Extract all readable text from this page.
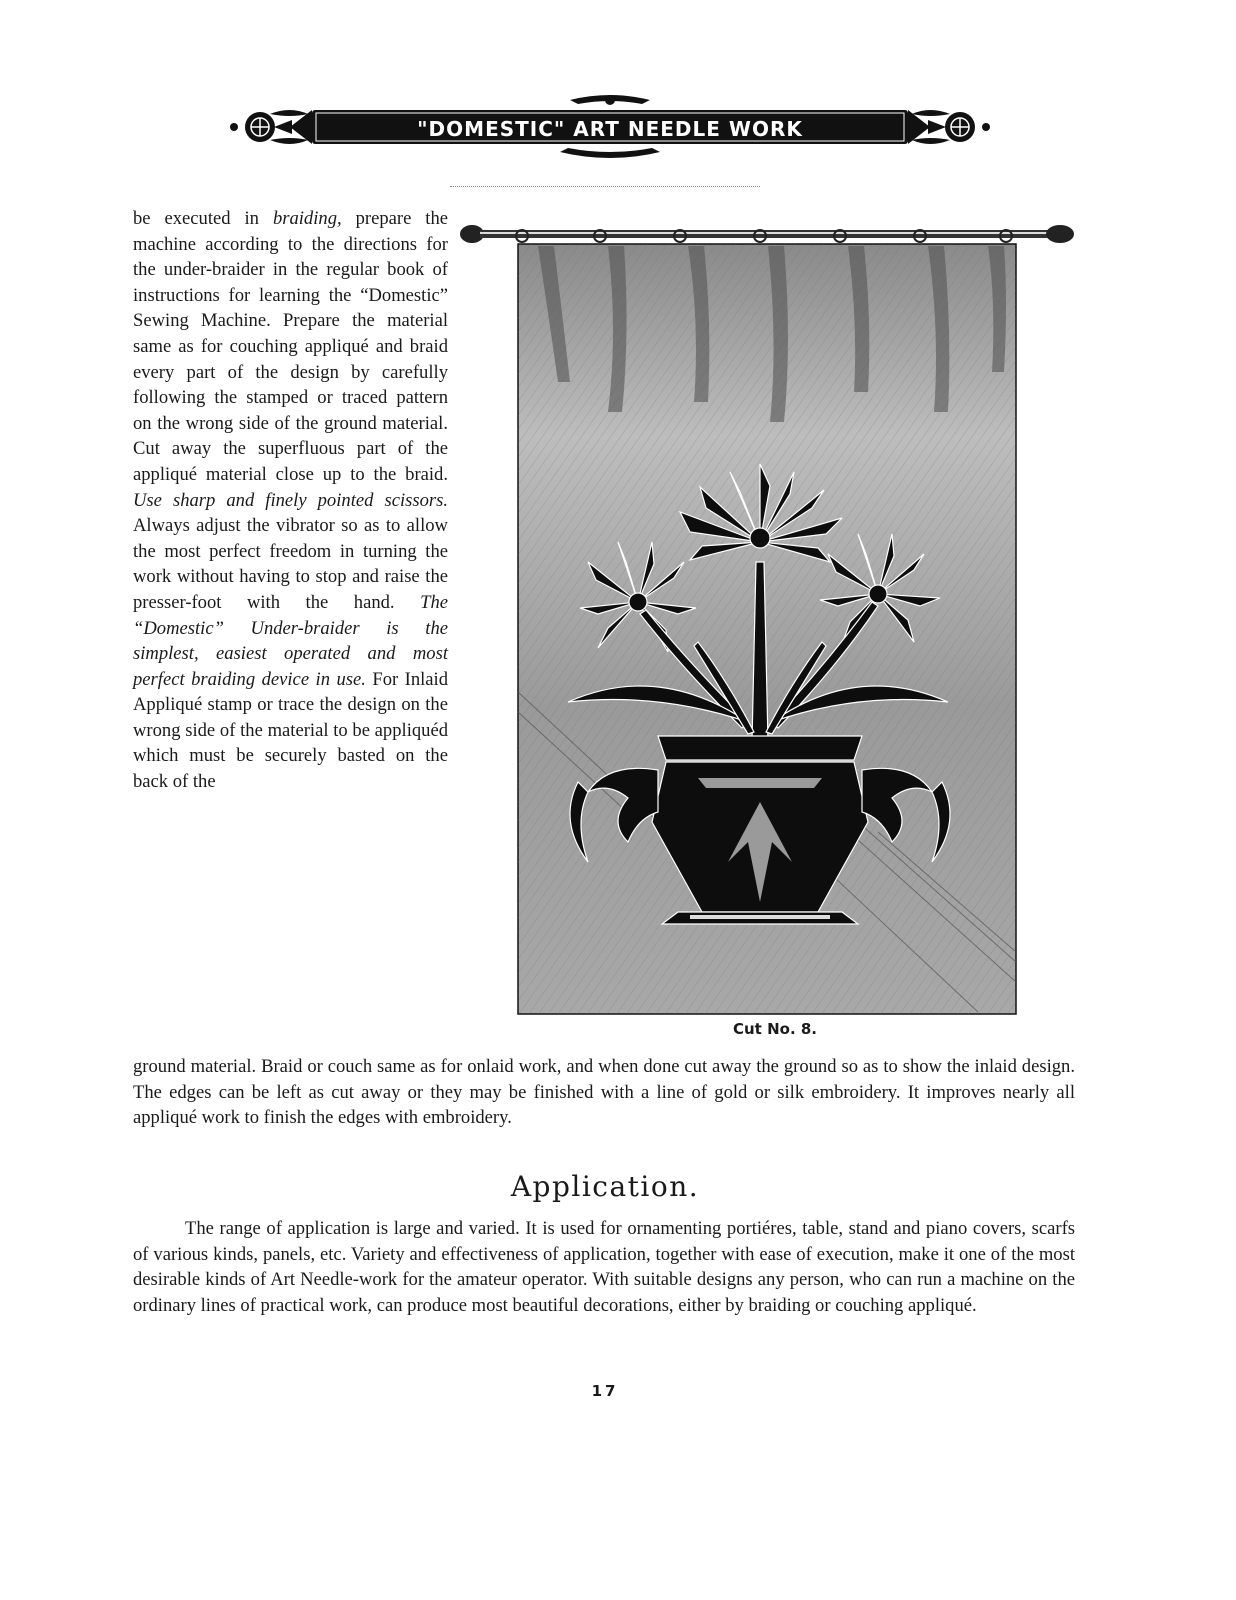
"DOMESTIC" ART NEEDLE WORK

be executed in braiding, prepare the machine according to the directions for the under-braider in the regular book of instructions for learning the “Domestic” Sewing Machine. Prepare the material same as for couching appliqué and braid every part of the design by carefully following the stamped or traced pattern on the wrong side of the ground material. Cut away the superfluous part of the appliqué material close up to the braid. Use sharp and finely pointed scissors. Always adjust the vibrator so as to allow the most perfect freedom in turning the work without having to stop and raise the presser-foot with the hand. The “Domestic” Under-braider is the simplest, easiest operated and most perfect braiding device in use. For Inlaid Appliqué stamp or trace the design on the wrong side of the material to be appliquéd which must be securely basted on the back of the

Cut No. 8.

ground material. Braid or couch same as for onlaid work, and when done cut away the ground so as to show the inlaid design. The edges can be left as cut away or they may be finished with a line of gold or silk embroidery. It improves nearly all appliqué work to finish the edges with embroidery.

Application.

The range of application is large and varied. It is used for ornamenting portiéres, table, stand and piano covers, scarfs of various kinds, panels, etc. Variety and effectiveness of application, together with ease of execution, make it one of the most desirable kinds of Art Needle-work for the amateur operator. With suitable designs any person, who can run a machine on the ordinary lines of practical work, can produce most beautiful decorations, either by braiding or couching appliqué.

17
